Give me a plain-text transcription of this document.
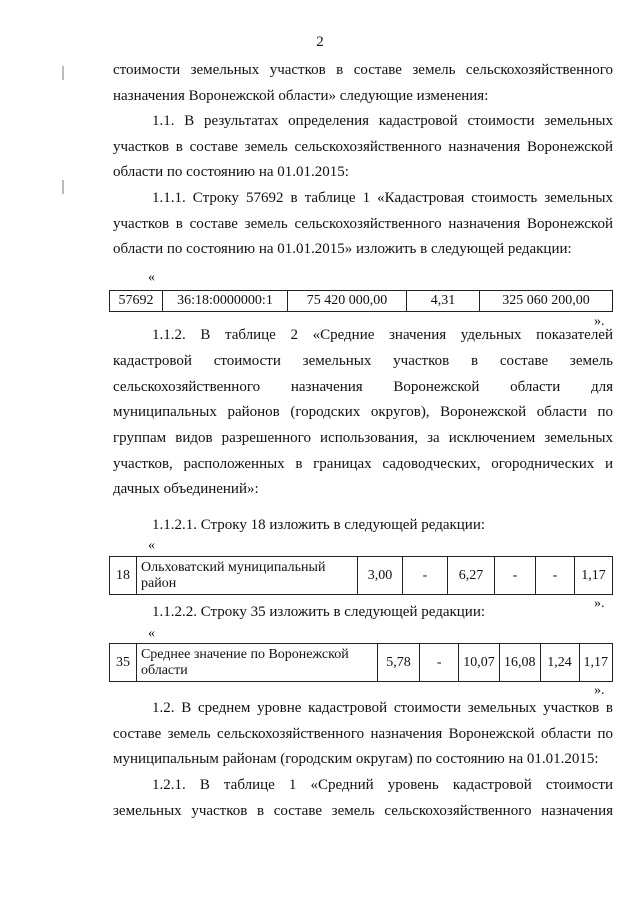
2
стоимости земельных участков в составе земель сельскохозяйственного
назначения Воронежской области» следующие изменения:
1.1. В результатах определения кадастровой стоимости земельных
участков в составе земель сельскохозяйственного назначения Воронежской
области по состоянию на 01.01.2015:
1.1.1. Строку 57692 в таблице 1 «Кадастровая стоимость земельных
участков в составе земель сельскохозяйственного назначения Воронежской
области по состоянию на 01.01.2015» изложить в следующей редакции:
«
57692	36:18:0000000:1	75 420 000,00	4,31	325 060 200,00
».
1.1.2. В таблице 2 «Средние значения удельных показателей
кадастровой стоимости земельных участков в составе земель
сельскохозяйственного назначения Воронежской области для
муниципальных районов (городских округов), Воронежской области по
группам видов разрешенного использования, за исключением земельных
участков, расположенных в границах садоводческих, огороднических и
дачных объединений»:
1.1.2.1. Строку 18 изложить в следующей редакции:
«
18	Ольховатский муниципальный район	3,00	-	6,27	-	-	1,17
».
1.1.2.2. Строку 35 изложить в следующей редакции:
«
35	Среднее значение по Воронежской области	5,78	-	10,07	16,08	1,24	1,17
».
1.2. В среднем уровне кадастровой стоимости земельных участков в
составе земель сельскохозяйственного назначения Воронежской области по
муниципальным районам (городским округам) по состоянию на 01.01.2015:
1.2.1. В таблице 1 «Средний уровень кадастровой стоимости
земельных участков в составе земель сельскохозяйственного назначения
